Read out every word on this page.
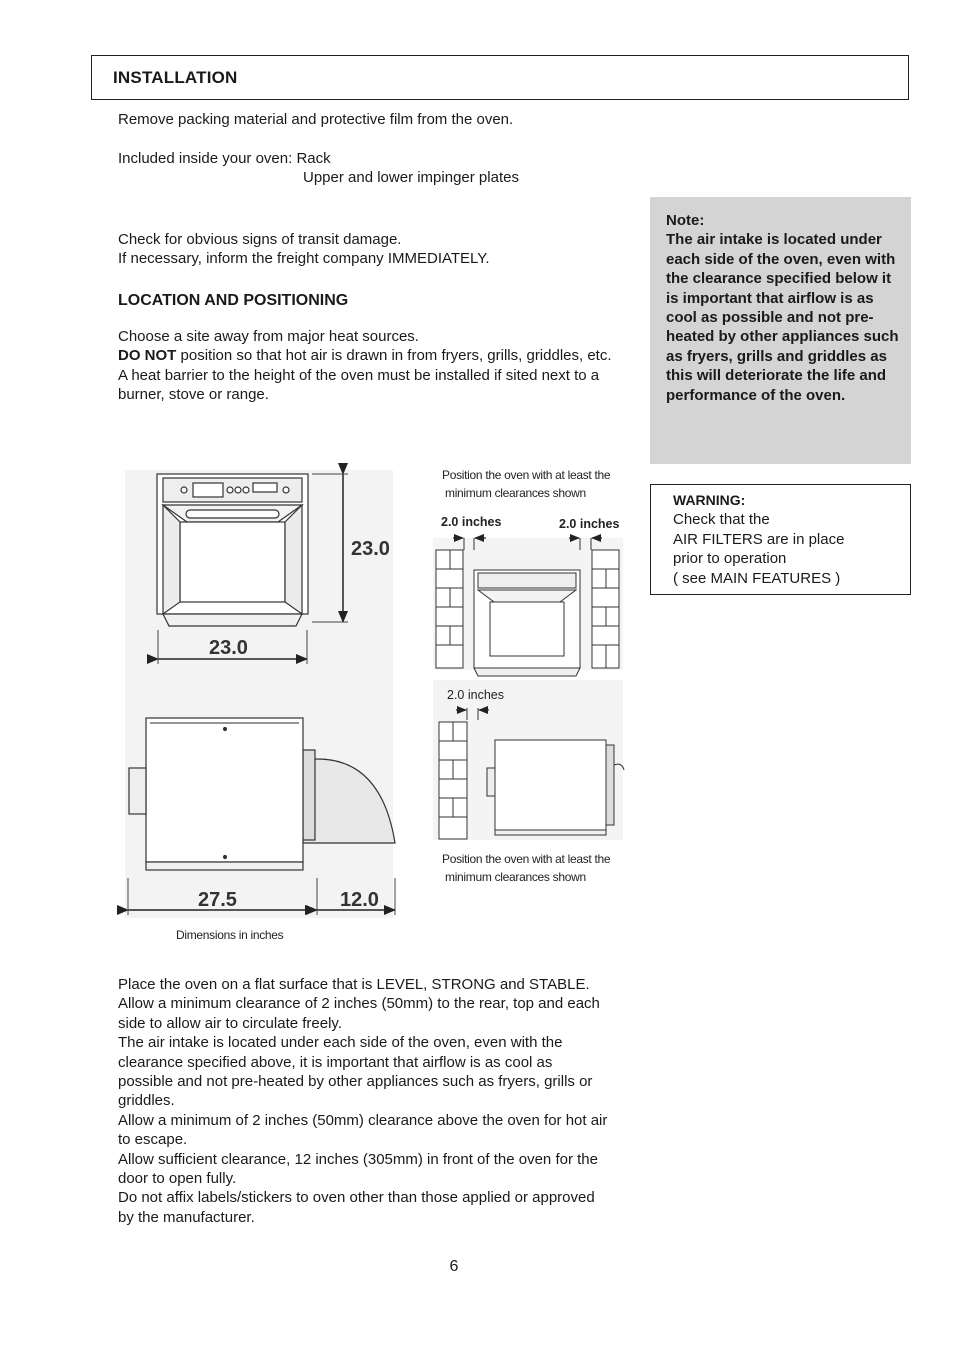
INSTALLATION
Remove packing material and protective film from the oven.
Included inside your oven: Rack
Upper and lower impinger plates
Check for obvious signs of transit damage.
If necessary, inform the freight company IMMEDIATELY.
LOCATION AND POSITIONING
Choose a site away from major heat sources.
DO NOT position so that hot air is drawn in from fryers, grills, griddles, etc.
A heat barrier to the height of the oven must be installed if sited next to a burner, stove or range.
Note:
The air intake is located under each side of the oven, even with the clearance specified below it is important that airflow is as cool as possible and not pre-heated by other appliances such as fryers, grills and griddles as this will deteriorate the life and performance of the oven.
WARNING:
Check that the
AIR FILTERS are in place
prior to operation
( see MAIN FEATURES )
23.0
23.0
27.5	12.0
2.0 inches	2.0 inches
2.0 inches
Position the oven with at least the
minimum clearances shown
Position the oven with at least the
minimum clearances shown
Dimensions in inches
Place the oven on a flat surface that is LEVEL, STRONG and STABLE.
Allow a minimum clearance of 2 inches (50mm) to the rear, top and each side to allow air to circulate freely.
The air intake is located under each side of the oven, even with the clearance specified above, it is important that airflow is as cool as possible and not pre-heated by other appliances such as fryers, grills or griddles.
Allow a minimum of 2 inches (50mm) clearance above the oven for hot air to escape.
Allow sufficient clearance, 12 inches (305mm) in front of the oven for the door to open fully.
Do not affix labels/stickers to oven other than those applied or approved by the manufacturer.
6
